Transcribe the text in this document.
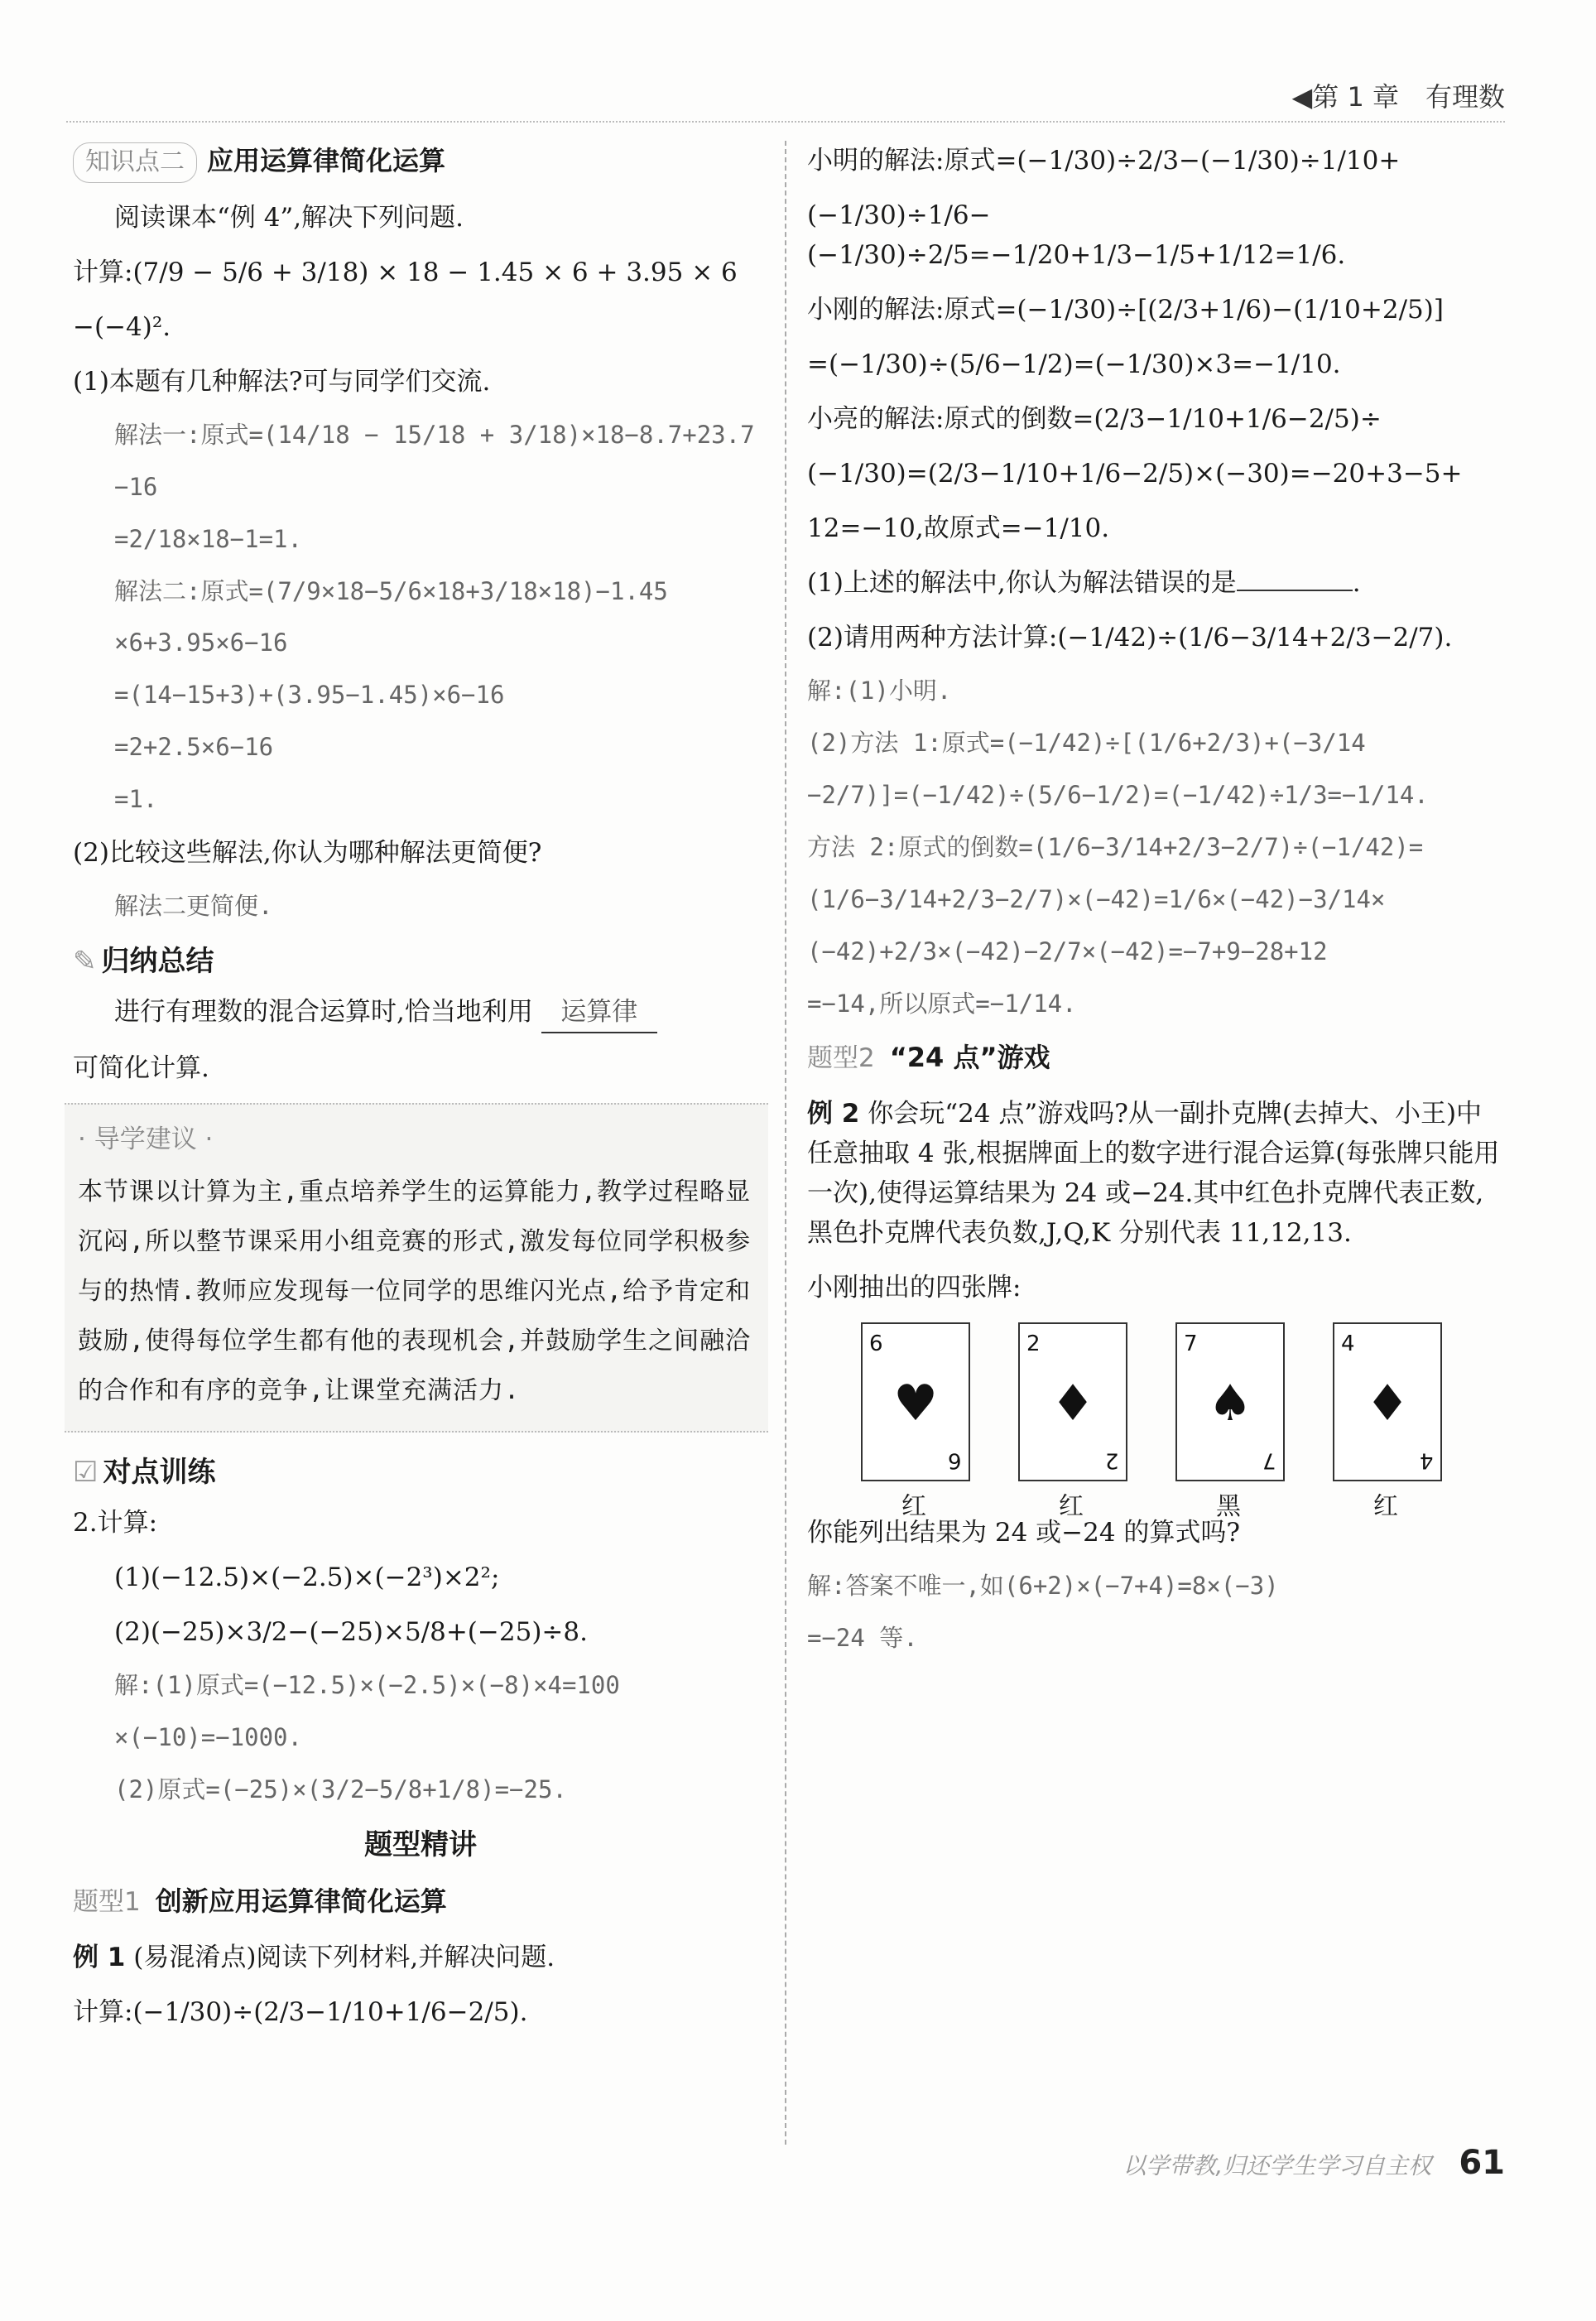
◀第 1 章　有理数
知识点二 应用运算律简化运算
阅读课本“例 4”,解决下列问题.
计算:(7/9 − 5/6 + 3/18) × 18 − 1.45 × 6 + 3.95 × 6
−(−4)².
(1)本题有几种解法?可与同学们交流.
解法一:原式=(14/18 − 15/18 + 3/18)×18−8.7+23.7
−16
=2/18×18−1=1.
解法二:原式=(7/9×18−5/6×18+3/18×18)−1.45
×6+3.95×6−16
=(14−15+3)+(3.95−1.45)×6−16
=2+2.5×6−16
=1.
(2)比较这些解法,你认为哪种解法更简便?
解法二更简便.
✎ 归纳总结
进行有理数的混合运算时,恰当地利用 运算律
可简化计算.
· 导学建议 ·
本节课以计算为主,重点培养学生的运算能力,教学过程略显沉闷,所以整节课采用小组竞赛的形式,激发每位同学积极参与的热情.教师应发现每一位同学的思维闪光点,给予肯定和鼓励,使得每位学生都有他的表现机会,并鼓励学生之间融洽的合作和有序的竞争,让课堂充满活力.
☑ 对点训练
2.计算:
(1)(−12.5)×(−2.5)×(−2³)×2²;
(2)(−25)×3/2−(−25)×5/8+(−25)÷8.
解:(1)原式=(−12.5)×(−2.5)×(−8)×4=100
×(−10)=−1000.
(2)原式=(−25)×(3/2−5/8+1/8)=−25.
题型精讲
题型1 创新应用运算律简化运算
例 1 (易混淆点)阅读下列材料,并解决问题.
计算:(−1/30)÷(2/3−1/10+1/6−2/5).
小明的解法:原式=(−1/30)÷2/3−(−1/30)÷1/10+
(−1/30)÷1/6−(−1/30)÷2/5=−1/20+1/3−1/5+1/12=1/6.
小刚的解法:原式=(−1/30)÷[(2/3+1/6)−(1/10+2/5)]
=(−1/30)÷(5/6−1/2)=(−1/30)×3=−1/10.
小亮的解法:原式的倒数=(2/3−1/10+1/6−2/5)÷
(−1/30)=(2/3−1/10+1/6−2/5)×(−30)=−20+3−5+
12=−10,故原式=−1/10.
(1)上述的解法中,你认为解法错误的是	.
(2)请用两种方法计算:(−1/42)÷(1/6−3/14+2/3−2/7).
解:(1)小明.
(2)方法 1:原式=(−1/42)÷[(1/6+2/3)+(−3/14
−2/7)]=(−1/42)÷(5/6−1/2)=(−1/42)÷1/3=−1/14.
方法 2:原式的倒数=(1/6−3/14+2/3−2/7)÷(−1/42)=
(1/6−3/14+2/3−2/7)×(−42)=1/6×(−42)−3/14×
(−42)+2/3×(−42)−2/7×(−42)=−7+9−28+12
=−14,所以原式=−1/14.
题型2 “24 点”游戏
例 2 你会玩“24 点”游戏吗?从一副扑克牌(去掉大、小王)中任意抽取 4 张,根据牌面上的数字进行混合运算(每张牌只能用一次),使得运算结果为 24 或−24.其中红色扑克牌代表正数,黑色扑克牌代表负数,J,Q,K 分别代表 11,12,13.
小刚抽出的四张牌:
6
♥
6
红
2
♦
2
红
7
♠
7
黑
4
♦
4
红
你能列出结果为 24 或−24 的算式吗?
解:答案不唯一,如(6+2)×(−7+4)=8×(−3)
=−24 等.
以学带教,归还学生学习自主权 61
